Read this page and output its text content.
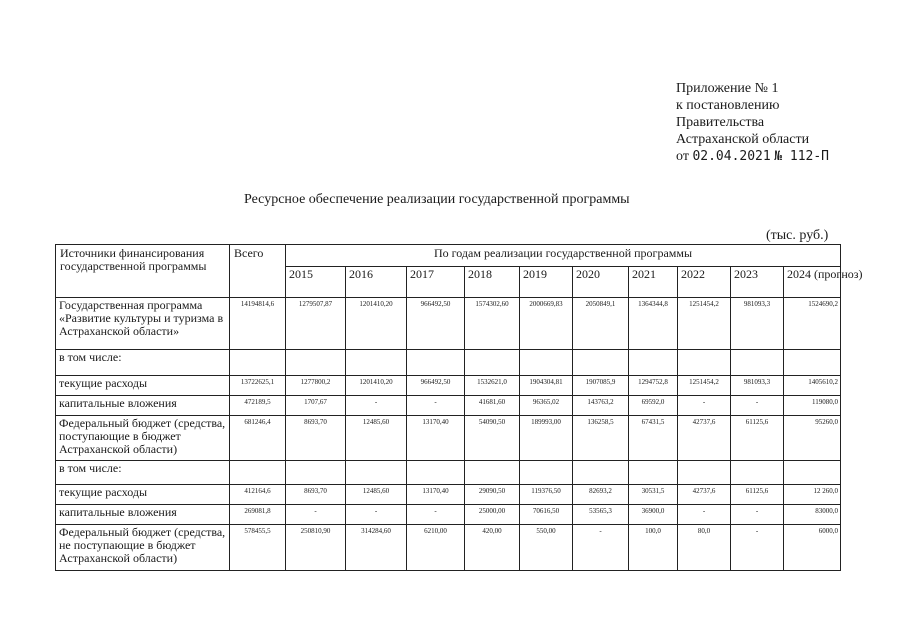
Приложение № 1
к постановлению
Правительства
Астраханской области
от 02.04.2021 № 112-П
Ресурсное обеспечение реализации государственной программы
(тыс. руб.)
Источники финансирования государственной программы	Всего	По годам реализации государственной программы									
		2015	2016	2017	2018	2019	2020	2021	2022	2023	2024 (прогноз)
Государственная программа «Развитие культуры и туризма в Астраханской области»	14194814,6	1279507,87	1201410,20	966492,50	1574302,60	2000669,83	2050849,1	1364344,8	1251454,2	981093,3	1524690,2
в том числе:											
текущие расходы	13722625,1	1277800,2	1201410,20	966492,50	1532621,0	1904304,81	1907085,9	1294752,8	1251454,2	981093,3	1405610,2
капитальные вложения	472189,5	1707,67	-	-	41681,60	96365,02	143763,2	69592,0	-	-	119080,0
Федеральный бюджет (средства, поступающие в бюджет Астраханской области)	681246,4	8693,70	12485,60	13170,40	54090,50	189993,00	136258,5	67431,5	42737,6	61125,6	95260,0
в том числе:											
текущие расходы	412164,6	8693,70	12485,60	13170,40	29090,50	119376,50	82693,2	30531,5	42737,6	61125,6	12 260,0
капитальные вложения	269081,8	-	-	-	25000,00	70616,50	53565,3	36900,0	-	-	83000,0
Федеральный бюджет (средства, не поступающие в бюджет Астраханской области)	578455,5	250810,90	314284,60	6210,00	420,00	550,00	-	100,0	80,0	-	6000,0
